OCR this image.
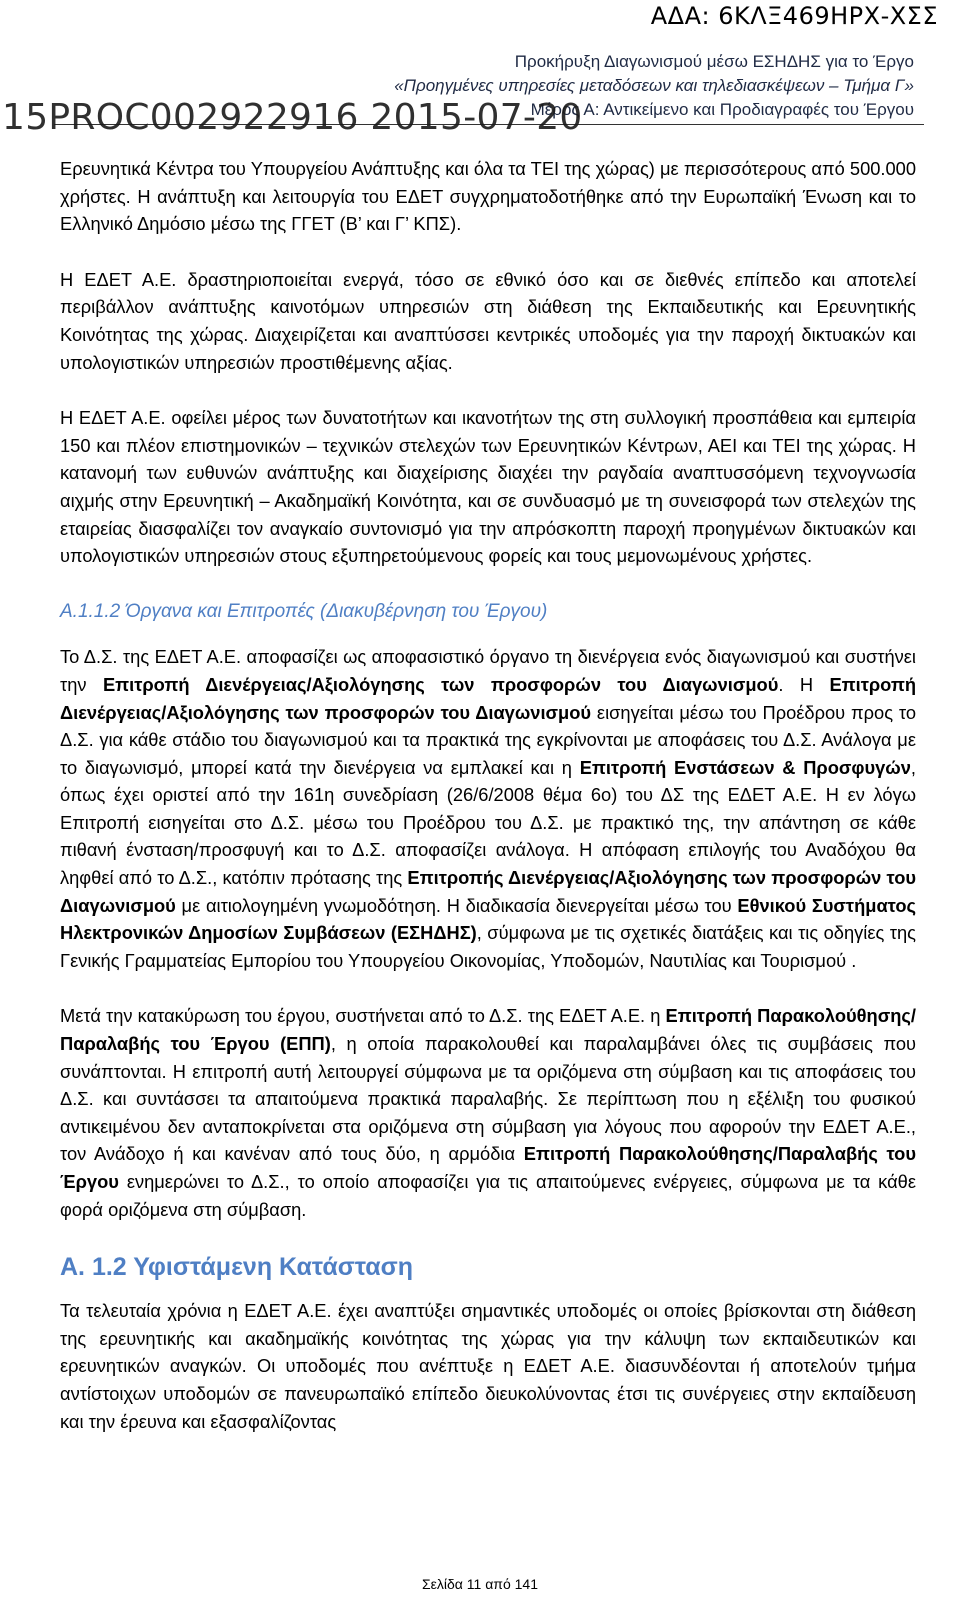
ΑΔΑ: 6ΚΛΞ469ΗΡΧ-ΧΣΣ
Προκήρυξη Διαγωνισμού μέσω ΕΣΗΔΗΣ για το Έργο
«Προηγμένες υπηρεσίες μεταδόσεων και τηλεδιασκέψεων – Τμήμα Γ»
Μέρος Α: Αντικείμενο και Προδιαγραφές του Έργου
15PROC002922916 2015-07-20

Ερευνητικά Κέντρα του Υπουργείου Ανάπτυξης και όλα τα ΤΕΙ της χώρας) με περισσότερους από 500.000 χρήστες. Η ανάπτυξη και λειτουργία του ΕΔΕΤ συγχρηματοδοτήθηκε από την Ευρωπαϊκή Ένωση και το Ελληνικό Δημόσιο μέσω της ΓΓΕΤ (Β’ και Γ’ ΚΠΣ).

Η ΕΔΕΤ Α.Ε. δραστηριοποιείται ενεργά, τόσο σε εθνικό όσο και σε διεθνές επίπεδο και αποτελεί περιβάλλον ανάπτυξης καινοτόμων υπηρεσιών στη διάθεση της Εκπαιδευτικής και Ερευνητικής Κοινότητας της χώρας. Διαχειρίζεται και αναπτύσσει κεντρικές υποδομές για την παροχή δικτυακών και υπολογιστικών υπηρεσιών προστιθέμενης αξίας.

Η ΕΔΕΤ Α.Ε. οφείλει μέρος των δυνατοτήτων και ικανοτήτων της στη συλλογική προσπάθεια και εμπειρία 150 και πλέον επιστημονικών – τεχνικών στελεχών των Ερευνητικών Κέντρων, ΑΕΙ και ΤΕΙ της χώρας. Η κατανομή των ευθυνών ανάπτυξης και διαχείρισης διαχέει την ραγδαία αναπτυσσόμενη τεχνογνωσία αιχμής στην Ερευνητική – Ακαδημαϊκή Κοινότητα, και σε συνδυασμό με τη συνεισφορά των στελεχών της εταιρείας διασφαλίζει τον αναγκαίο συντονισμό για την απρόσκοπτη παροχή προηγμένων δικτυακών και υπολογιστικών υπηρεσιών στους εξυπηρετούμενους φορείς και τους μεμονωμένους χρήστες.

Α.1.1.2 Όργανα και Επιτροπές (Διακυβέρνηση του Έργου)

Το Δ.Σ. της ΕΔΕΤ Α.Ε. αποφασίζει ως αποφασιστικό όργανο τη διενέργεια ενός διαγωνισμού και συστήνει την Επιτροπή Διενέργειας/Αξιολόγησης των προσφορών του Διαγωνισμού. Η Επιτροπή Διενέργειας/Αξιολόγησης των προσφορών του Διαγωνισμού εισηγείται μέσω του Προέδρου προς το Δ.Σ. για κάθε στάδιο του διαγωνισμού και τα πρακτικά της εγκρίνονται με αποφάσεις του Δ.Σ. Ανάλογα με το διαγωνισμό, μπορεί κατά την διενέργεια να εμπλακεί και η Επιτροπή Ενστάσεων & Προσφυγών, όπως έχει οριστεί από την 161η συνεδρίαση (26/6/2008 θέμα 6ο) του ΔΣ της ΕΔΕΤ Α.Ε. Η εν λόγω Επιτροπή εισηγείται στο Δ.Σ. μέσω του Προέδρου του Δ.Σ. με πρακτικό της, την απάντηση σε κάθε πιθανή ένσταση/προσφυγή και το Δ.Σ. αποφασίζει ανάλογα. Η απόφαση επιλογής του Αναδόχου θα ληφθεί από το Δ.Σ., κατόπιν πρότασης της Επιτροπής Διενέργειας/Αξιολόγησης των προσφορών του Διαγωνισμού με αιτιολογημένη γνωμοδότηση. Η διαδικασία διενεργείται μέσω του Εθνικού Συστήματος Ηλεκτρονικών Δημοσίων Συμβάσεων (ΕΣΗΔΗΣ), σύμφωνα με τις σχετικές διατάξεις και τις οδηγίες της Γενικής Γραμματείας Εμπορίου του Υπουργείου Οικονομίας, Υποδομών, Ναυτιλίας και Τουρισμού .

Μετά την κατακύρωση του έργου, συστήνεται από το Δ.Σ. της ΕΔΕΤ Α.Ε. η Επιτροπή Παρακολούθησης/Παραλαβής του Έργου (ΕΠΠ), η οποία παρακολουθεί και παραλαμβάνει όλες τις συμβάσεις που συνάπτονται. Η επιτροπή αυτή λειτουργεί σύμφωνα με τα οριζόμενα στη σύμβαση και τις αποφάσεις του Δ.Σ. και συντάσσει τα απαιτούμενα πρακτικά παραλαβής. Σε περίπτωση που η εξέλιξη του φυσικού αντικειμένου δεν ανταποκρίνεται στα οριζόμενα στη σύμβαση για λόγους που αφορούν την ΕΔΕΤ Α.Ε., τον Ανάδοχο ή και κανέναν από τους δύο, η αρμόδια Επιτροπή Παρακολούθησης/Παραλαβής του Έργου ενημερώνει το Δ.Σ., το οποίο αποφασίζει για τις απαιτούμενες ενέργειες, σύμφωνα με τα κάθε φορά οριζόμενα στη σύμβαση.

Α. 1.2 Υφιστάμενη Κατάσταση

Τα τελευταία χρόνια η ΕΔΕΤ Α.Ε. έχει αναπτύξει σημαντικές υποδομές οι οποίες βρίσκονται στη διάθεση της ερευνητικής και ακαδημαϊκής κοινότητας της χώρας για την κάλυψη των εκπαιδευτικών και ερευνητικών αναγκών. Οι υποδομές που ανέπτυξε η ΕΔΕΤ Α.Ε. διασυνδέονται ή αποτελούν τμήμα αντίστοιχων υποδομών σε πανευρωπαϊκό επίπεδο διευκολύνοντας έτσι τις συνέργειες στην εκπαίδευση και την έρευνα και εξασφαλίζοντας

Σελίδα 11 από 141
